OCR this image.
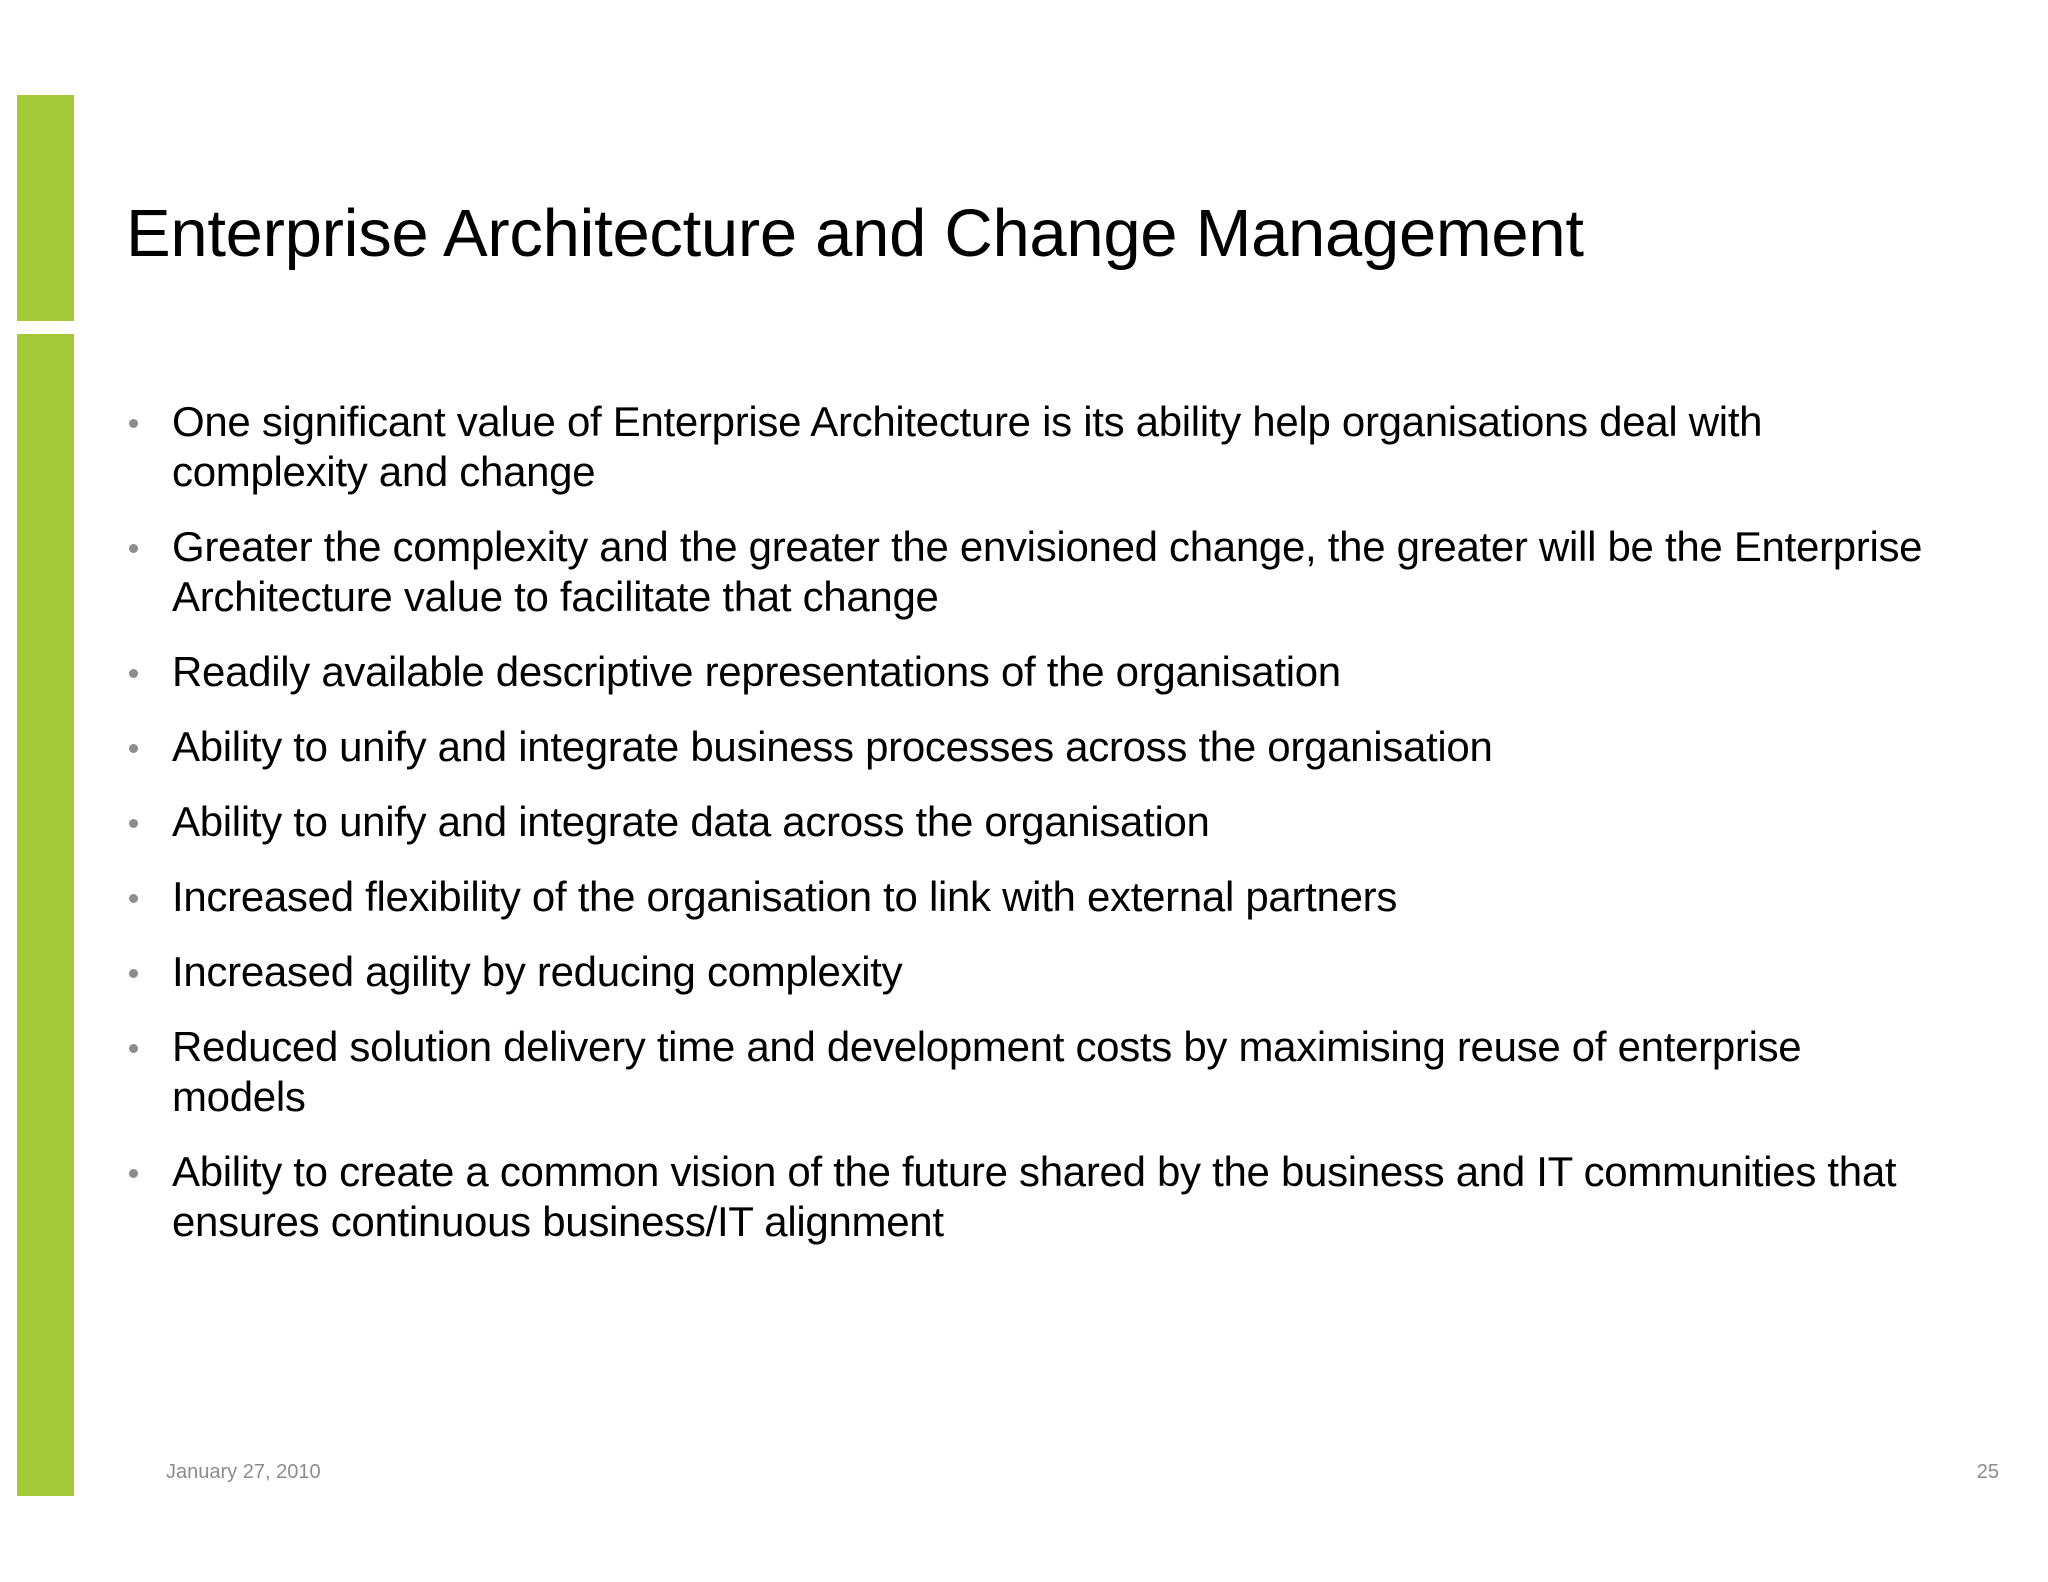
Enterprise Architecture and Change Management
One significant value of Enterprise Architecture is its ability help organisations deal with complexity and change
Greater the complexity and the greater the envisioned change, the greater will be the Enterprise Architecture value to facilitate that change
Readily available descriptive representations of the organisation
Ability to unify and integrate business processes across the organisation
Ability to unify and integrate data across the organisation
Increased flexibility of the organisation to link with external partners
Increased agility by reducing complexity
Reduced solution delivery time and development costs by maximising reuse of enterprise models
Ability to create a common vision of the future shared by the business and IT communities that ensures continuous business/IT alignment
January 27, 2010	25
